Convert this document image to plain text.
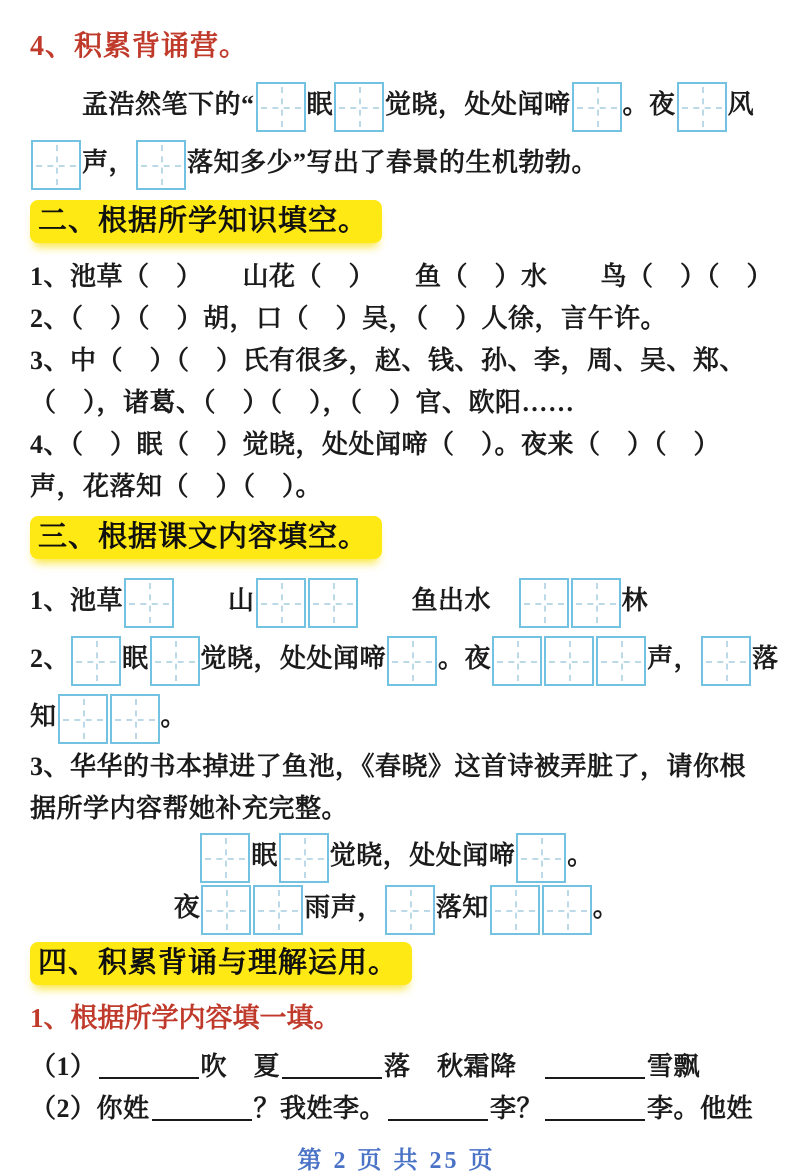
4、积累背诵营。
孟浩然笔下的“ 眠 觉晓，处处闻啼 。夜 风
声， 落知多少”写出了春景的生机勃勃。
二、根据所学知识填空。
1、池草（　）　　山花（　）　　鱼（　）水　　鸟（　）（　）
2、（　）（　）胡，口（　）吴，（　）人徐，言午许。
3、中（　）（　）氏有很多，赵、钱、孙、李，周、吴、郑、
（　），诸葛、（　）（　），（　）官、欧阳……
4、（　）眠（　）觉晓，处处闻啼（　）。夜来（　）（　）
声，花落知（　）（　）。
三、根据课文内容填空。
1、池草　　山	　　鱼出水　	林
2、 眠 觉晓，处处闻啼 。夜	声， 落
知	。
3、华华的书本掉进了鱼池，《春晓》这首诗被弄脏了，请你根
据所学内容帮她补充完整。
眠 觉晓，处处闻啼 。
夜	雨声， 落知	。
四、积累背诵与理解运用。
1、根据所学内容填一填。
（1）	吹　夏	落　秋霜降　	雪飘
（2）你姓	？我姓李。	李？	李。他姓
第 2 页 共 25 页
